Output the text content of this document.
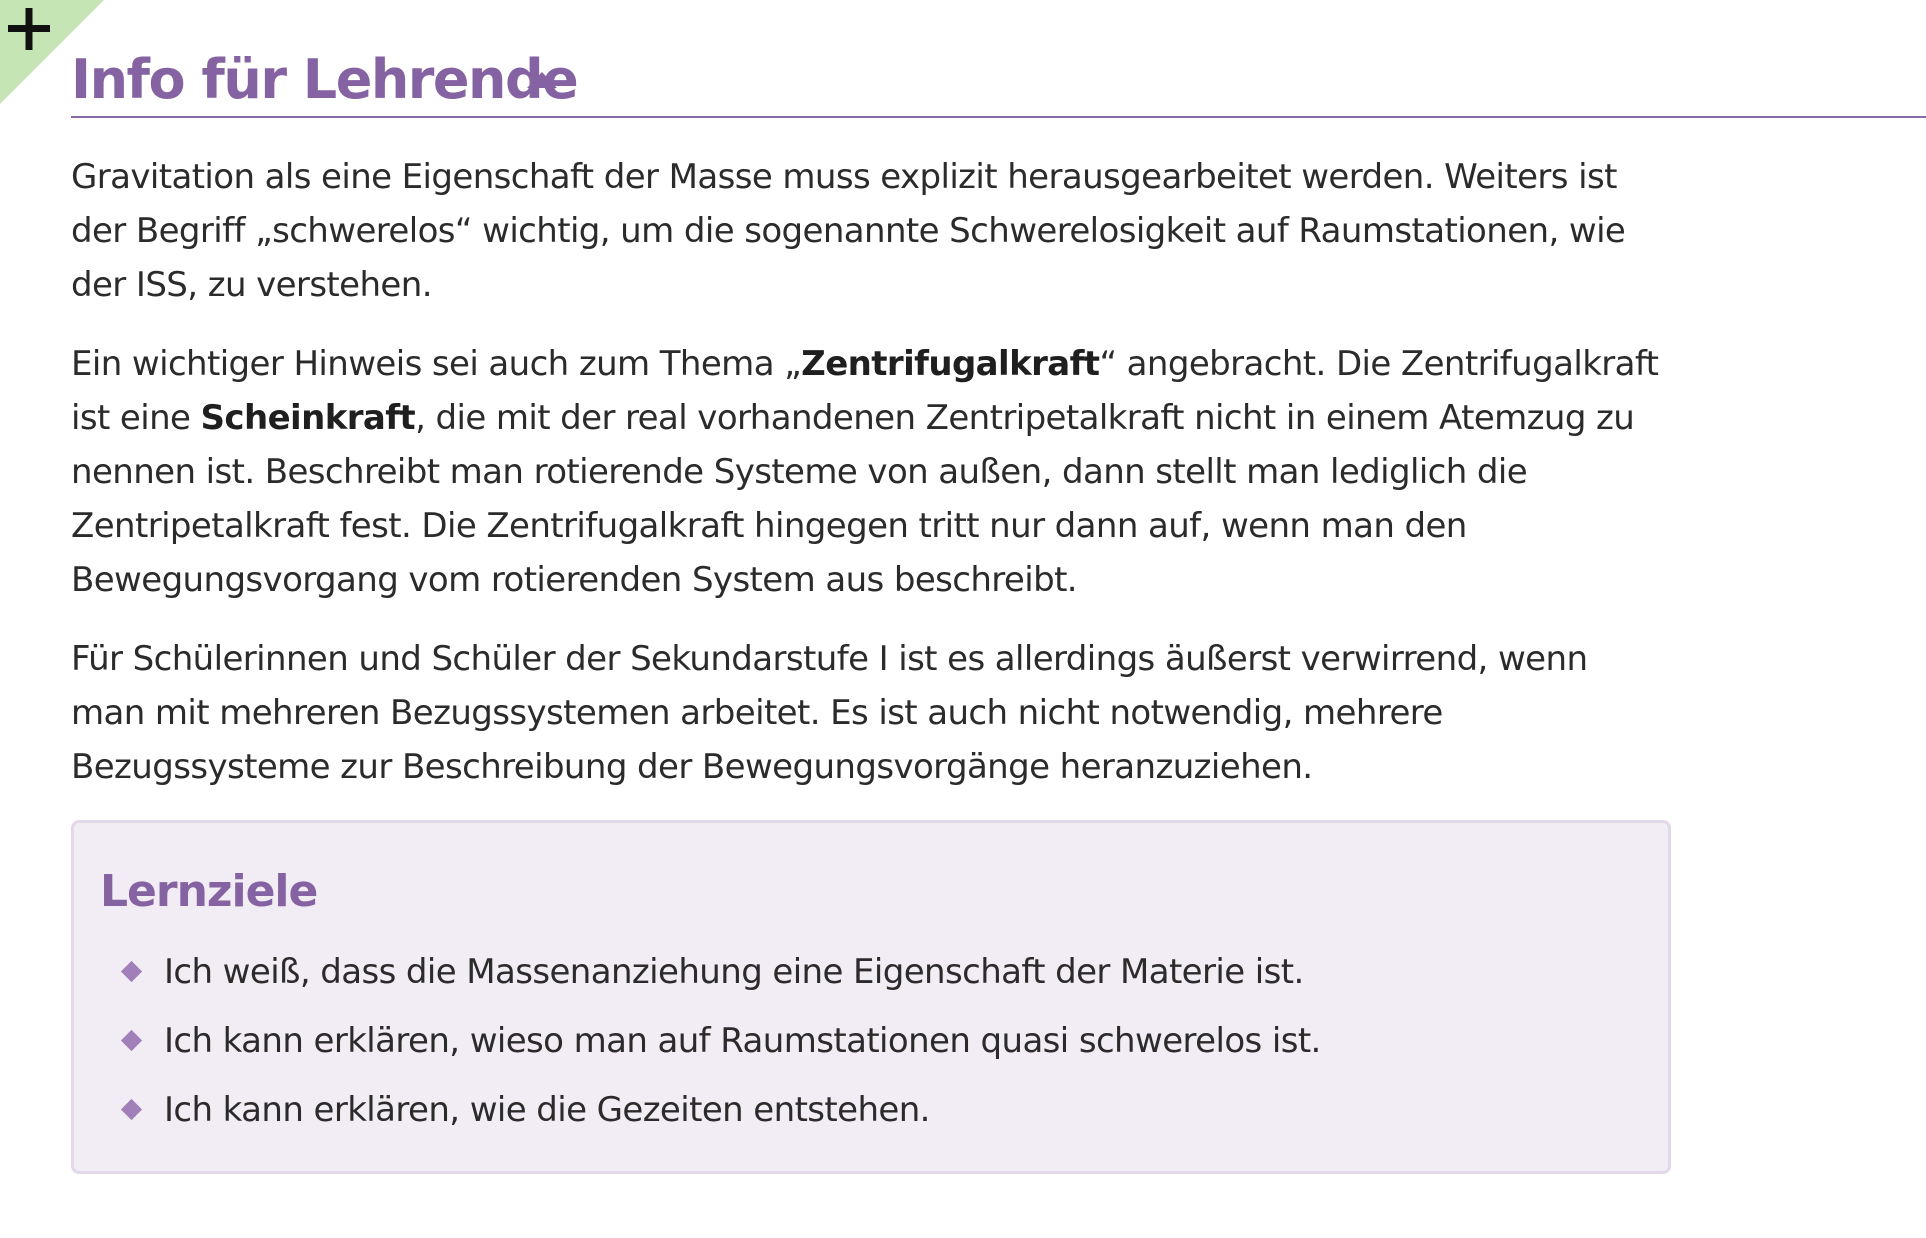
Info für Lehrende

Gravitation als eine Eigenschaft der Masse muss explizit herausgearbeitet werden. Weiters ist der Begriff „schwerelos“ wichtig, um die sogenannte Schwerelosigkeit auf Raumstationen, wie der ISS, zu verstehen.

Ein wichtiger Hinweis sei auch zum Thema „Zentrifugalkraft“ angebracht. Die Zentrifugalkraft ist eine Scheinkraft, die mit der real vorhandenen Zentripetalkraft nicht in einem Atemzug zu nennen ist. Beschreibt man rotierende Systeme von außen, dann stellt man lediglich die Zentripetalkraft fest. Die Zentrifugalkraft hingegen tritt nur dann auf, wenn man den Bewegungsvorgang vom rotierenden System aus beschreibt.

Für Schülerinnen und Schüler der Sekundarstufe I ist es allerdings äußerst verwirrend, wenn man mit mehreren Bezugssystemen arbeitet. Es ist auch nicht notwendig, mehrere Bezugssysteme zur Beschreibung der Bewegungsvorgänge heranzuziehen.

Lernziele
Ich weiß, dass die Massenanziehung eine Eigenschaft der Materie ist.
Ich kann erklären, wieso man auf Raumstationen quasi schwerelos ist.
Ich kann erklären, wie die Gezeiten entstehen.
